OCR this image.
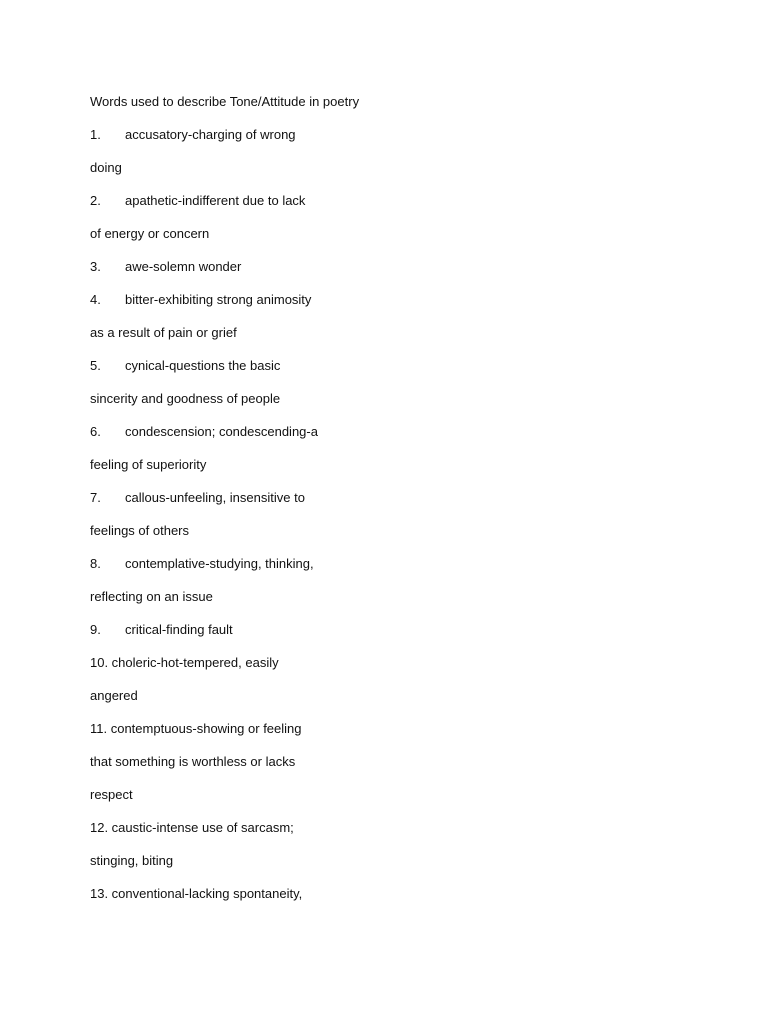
Words used to describe Tone/Attitude in poetry
1. accusatory-charging of wrong
doing
2. apathetic-indifferent due to lack
of energy or concern
3. awe-solemn wonder
4. bitter-exhibiting strong animosity
as a result of pain or grief
5. cynical-questions the basic
sincerity and goodness of people
6. condescension; condescending-a
feeling of superiority
7. callous-unfeeling, insensitive to
feelings of others
8. contemplative-studying, thinking,
reflecting on an issue
9. critical-finding fault
10. choleric-hot-tempered, easily
angered
11. contemptuous-showing or feeling
that something is worthless or lacks
respect
12. caustic-intense use of sarcasm;
stinging, biting
13. conventional-lacking spontaneity,
